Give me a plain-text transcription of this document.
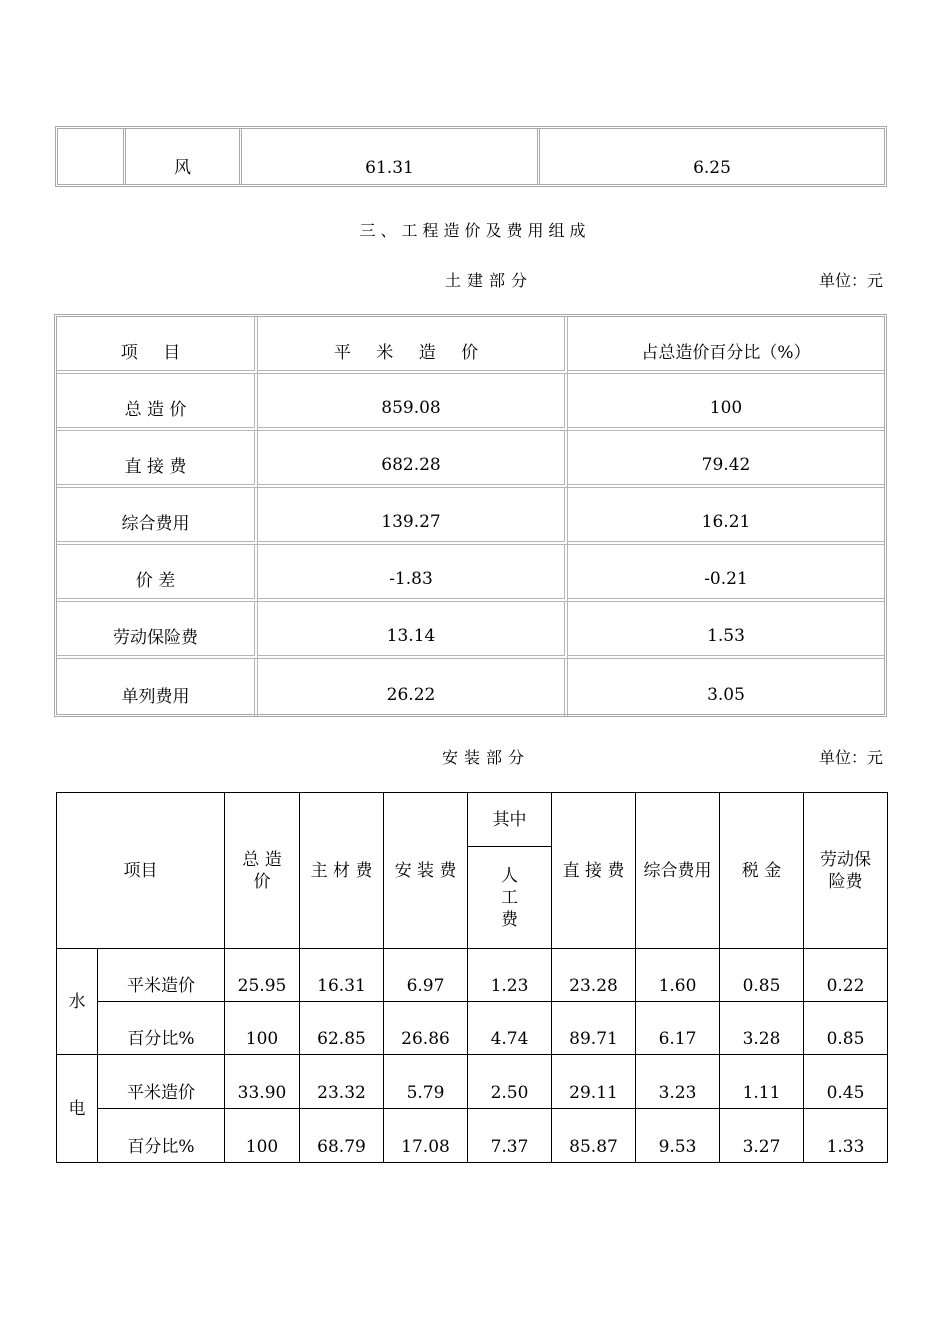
风	61.31	6.25
三、工程造价及费用组成
土建部分	单位：元
项 目	平 米 造 价	占总造价百分比（%）
总 造 价	859.08	100
直 接 费	682.28	79.42
综合费用	139.27	16.21
价 差	-1.83	-0.21
劳动保险费	13.14	1.53
单列费用	26.22	3.05
安装部分	单位：元
项目		总 造 价	主 材 费	安 装 费	其中	直 接 费	综合费用	税 金	劳动保险费
					人 工 费				
水	平米造价	25.95	16.31	6.97	1.23	23.28	1.60	0.85	0.22
	百分比%	100	62.85	26.86	4.74	89.71	6.17	3.28	0.85
电	平米造价	33.90	23.32	5.79	2.50	29.11	3.23	1.11	0.45
	百分比%	100	68.79	17.08	7.37	85.87	9.53	3.27	1.33
